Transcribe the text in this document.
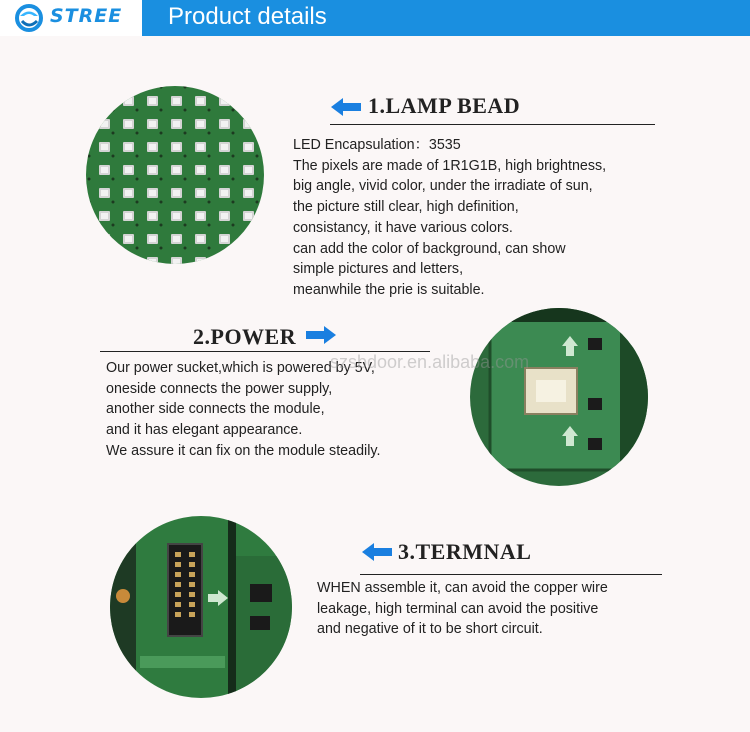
STREE Product details
1.LAMP BEAD
LED Encapsulation：3535
The pixels are made of 1R1G1B, high brightness,
big angle, vivid color, under the irradiate of sun,
the picture still clear, high definition,
consistancy, it have various colors.
can add the color of background, can show
simple pictures and letters,
meanwhile the prie is suitable.
2.POWER
Our power sucket,which is powered by 5V,
oneside connects the power supply,
another side connects the module,
and it has elegant appearance.
We assure it can fix on the module steadily.
szsbdoor.en.alibaba.com
3.TERMNAL
WHEN assemble it, can avoid the copper wire
leakage, high terminal can avoid the positive
and negative of it to be short circuit.
